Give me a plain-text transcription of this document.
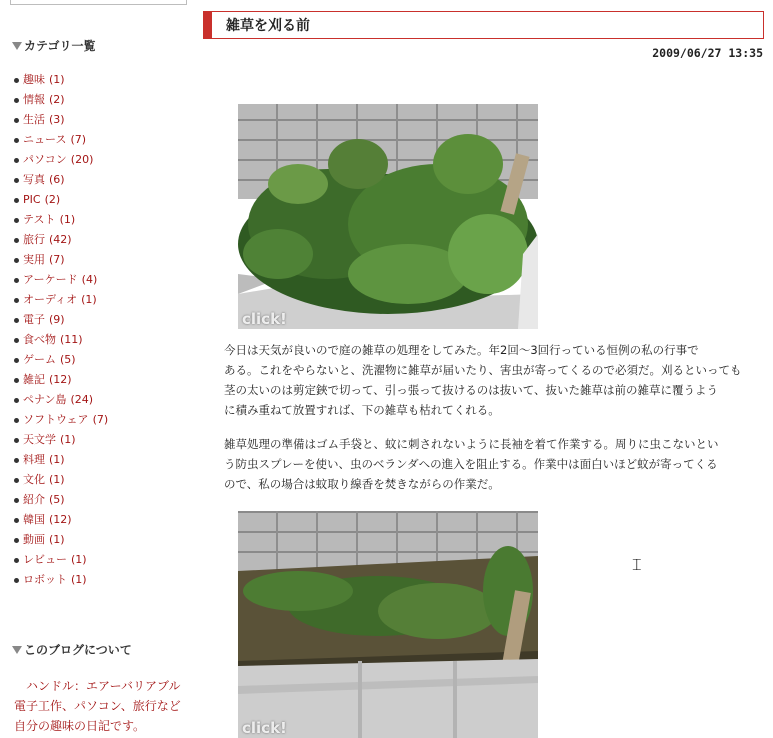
カテゴリ一覧
趣味 (1)
情報 (2)
生活 (3)
ニュース (7)
パソコン (20)
写真 (6)
PIC (2)
テスト (1)
旅行 (42)
実用 (7)
アーケード (4)
オーディオ (1)
電子 (9)
食べ物 (11)
ゲーム (5)
雑記 (12)
ペナン島 (24)
ソフトウェア (7)
天文学 (1)
料理 (1)
文化 (1)
紹介 (5)
韓国 (12)
動画 (1)
レビュー (1)
ロボット (1)
このブログについて
ハンドル：エアーバリアブル
電子工作、パソコン、旅行など
自分の趣味の日記です。
雑草を刈る前
2009/06/27 13:35
click!
今日は天気が良いので庭の雑草の処理をしてみた。年2回〜3回行っている恒例の私の行事で
ある。これをやらないと、洗濯物に雑草が届いたり、害虫が寄ってくるので必須だ。刈るといっても
茎の太いのは剪定鋏で切って、引っ張って抜けるのは抜いて、抜いた雑草は前の雑草に覆うよう
に積み重ねて放置すれば、下の雑草も枯れてくれる。
雑草処理の準備はゴム手袋と、蚊に刺されないように長袖を着て作業する。周りに虫こないとい
う防虫スプレーを使い、虫のベランダへの進入を阻止する。作業中は面白いほど蚊が寄ってくる
ので、私の場合は蚊取り線香を焚きながらの作業だ。
click!
⌶
